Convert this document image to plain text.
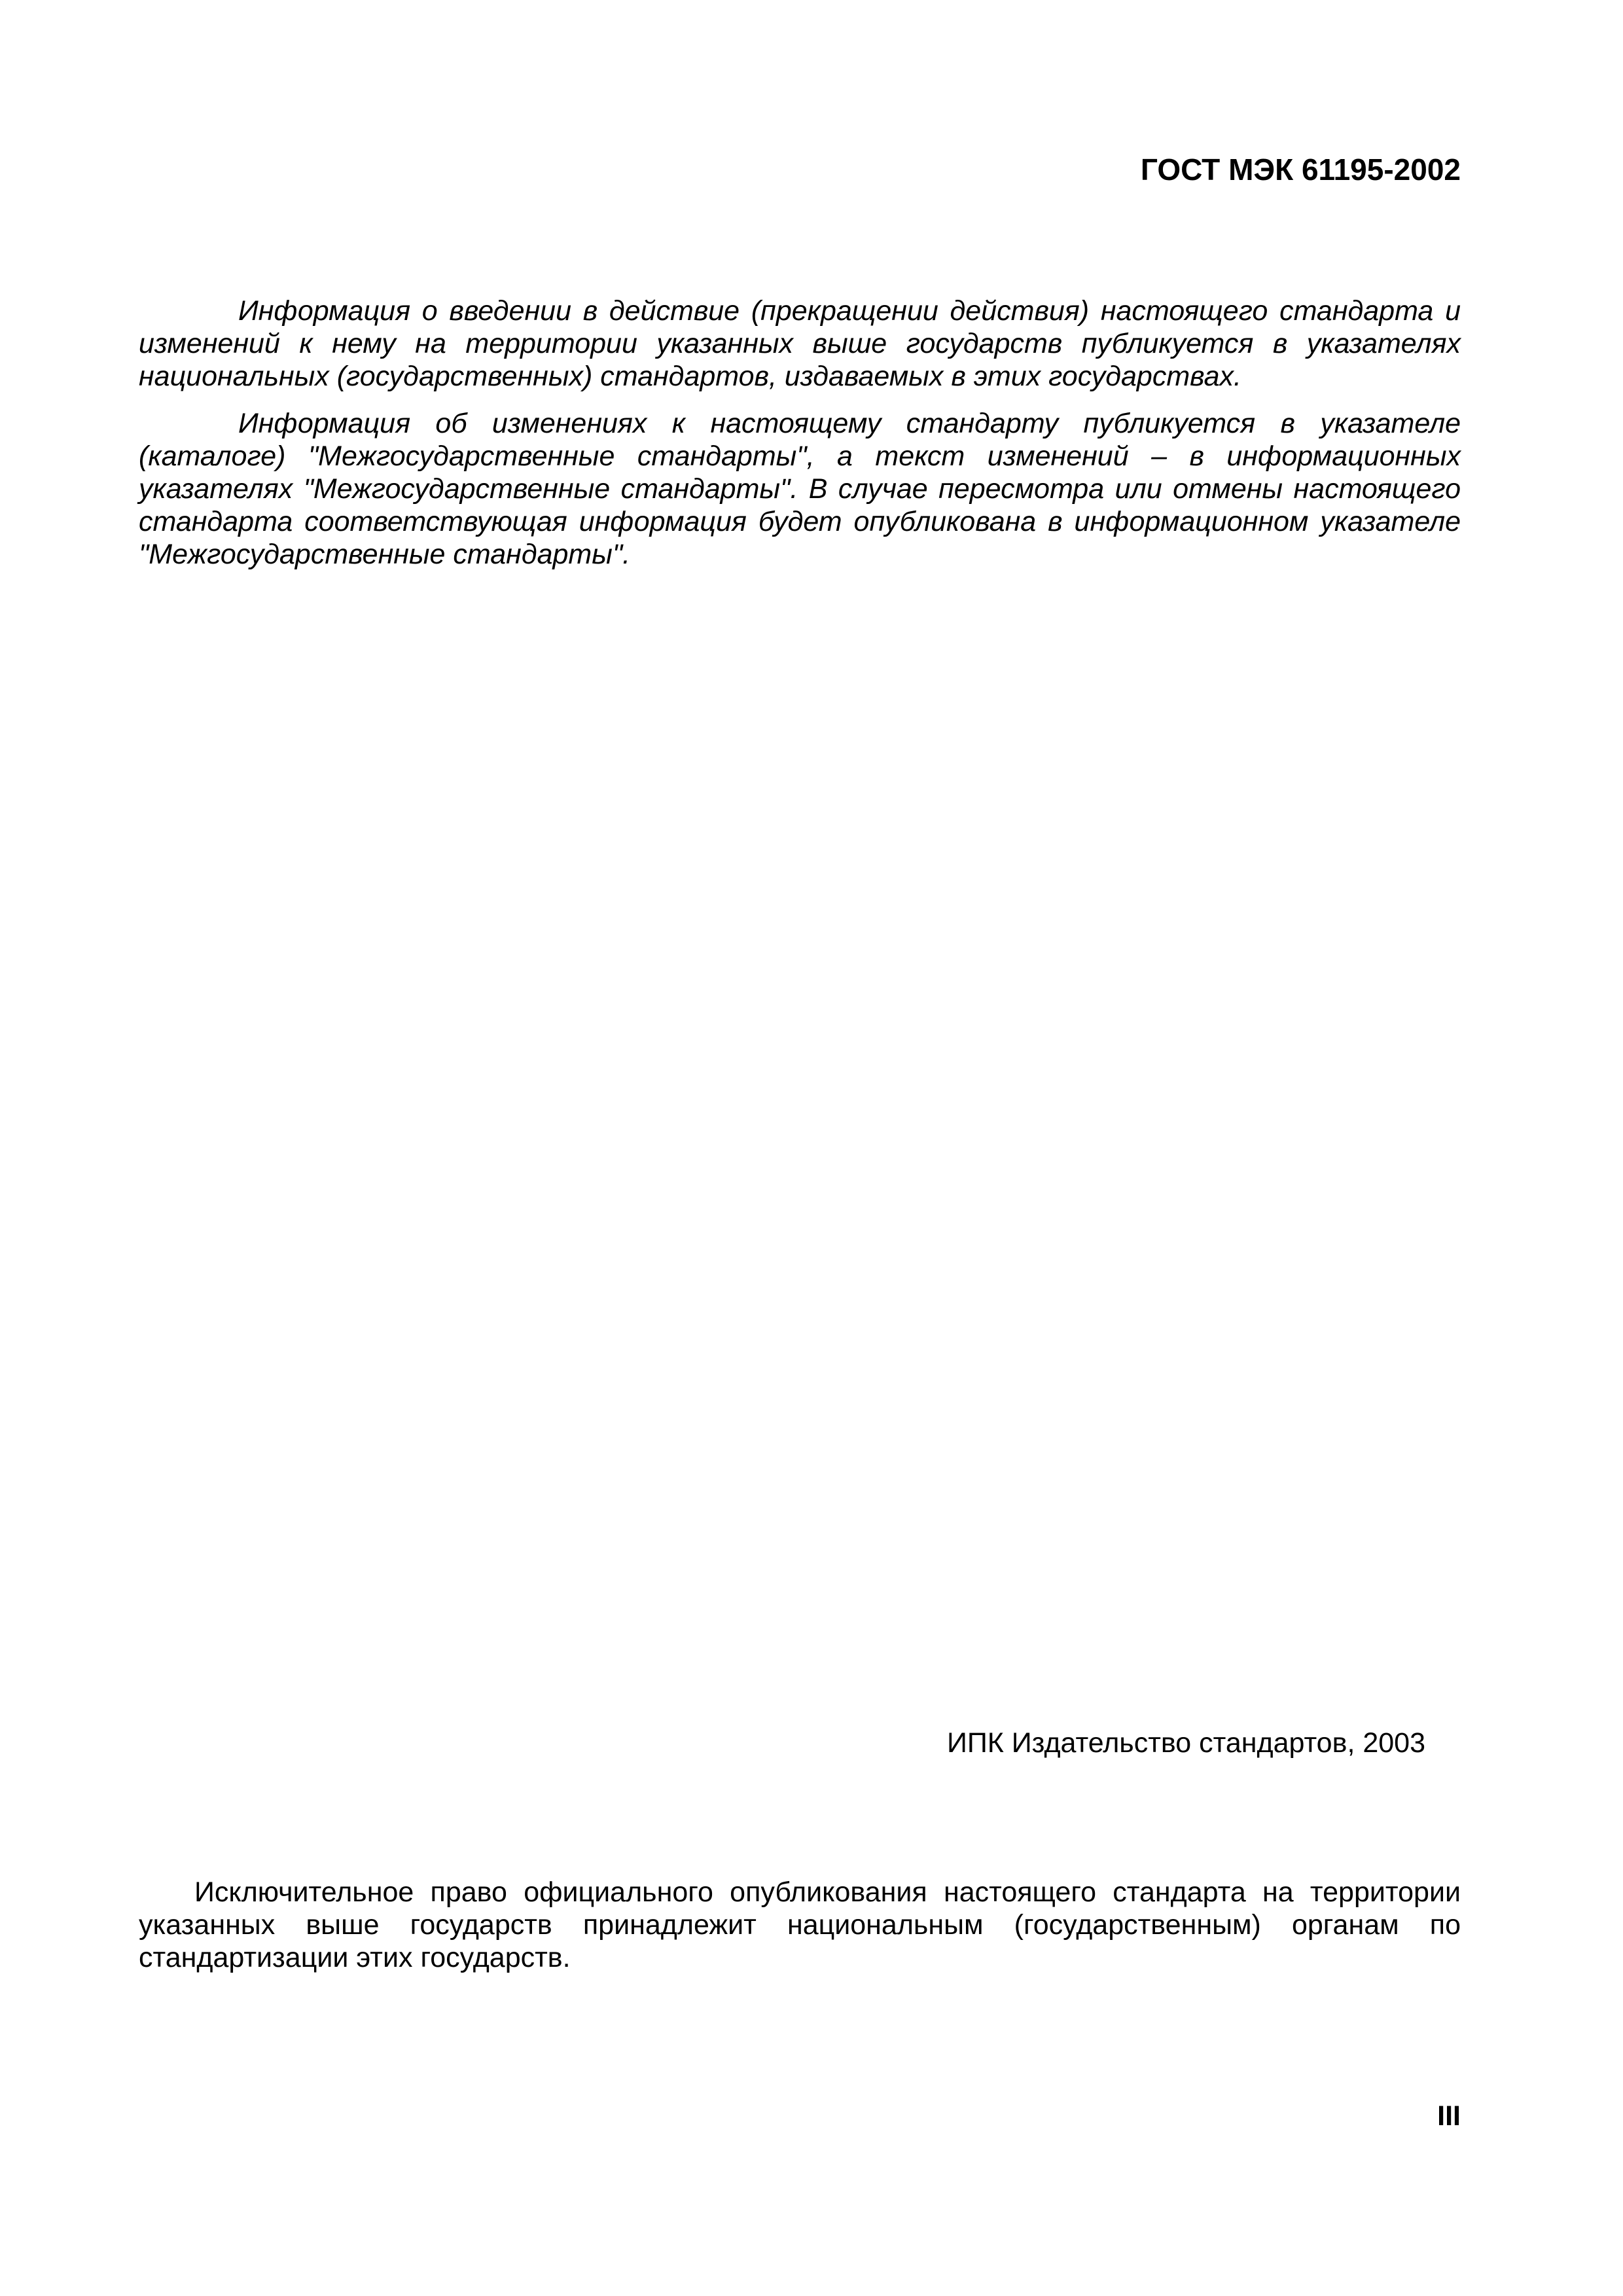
ГОСТ МЭК 61195-2002

Информация о введении в действие (прекращении действия) настоящего стандарта и изменений к нему на территории указанных выше государств публикуется в указателях национальных (государственных) стандартов, издаваемых в этих государствах.

Информация об изменениях к настоящему стандарту публикуется в указателе (каталоге) "Межгосударственные стандарты", а текст изменений – в информационных указателях "Межгосударственные стандарты". В случае пересмотра или отмены настоящего стандарта соответствующая информация будет опубликована в информационном указателе "Межгосударственные стандарты".

ИПК Издательство стандартов, 2003

Исключительное право официального опубликования настоящего стандарта на территории указанных выше государств принадлежит национальным (государственным) органам по стандартизации этих государств.

III
